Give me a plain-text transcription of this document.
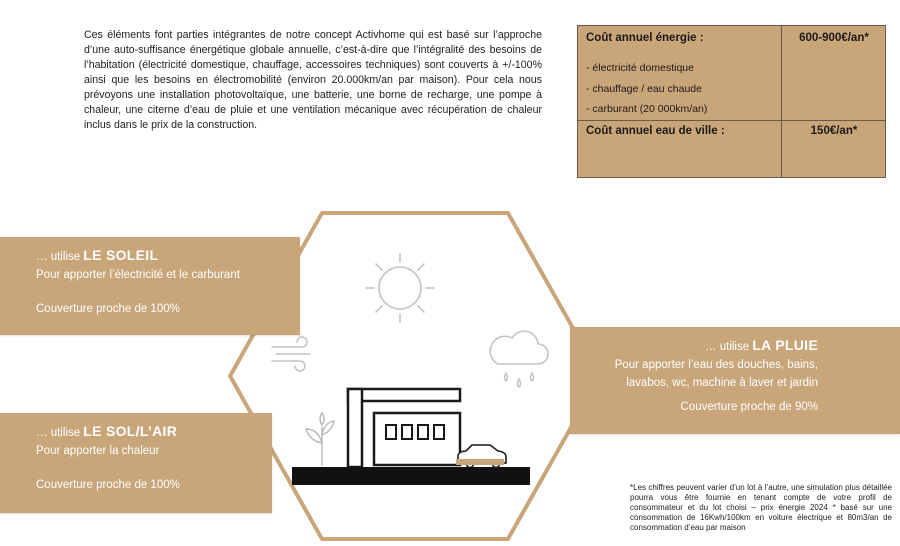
Ces éléments font parties intégrantes de notre concept Activhome qui est basé sur l’approche d’une auto-suffisance énergétique globale annuelle, c’est-à-dire que l’intégralité des besoins de l’habitation (électricité domestique, chauffage, accessoires techniques) sont couverts à +/-100% ainsi que les besoins en électromobilité (environ 20.000km/an par maison). Pour cela nous prévoyons une installation photovoltaïque, une batterie, une borne de recharge, une pompe à chaleur, une citerne d’eau de pluie et une ventilation mécanique avec récupération de chaleur inclus dans le prix de la construction.
Coût annuel énergie :	600-900€/an*
- électricité domestique
- chauffage / eau chaude
- carburant (20 000km/an)
Coût annuel eau de ville :	150€/an*
… utilise LE SOLEIL
Pour apporter l’électricité et le carburant
Couverture proche de 100%
… utilise LA PLUIE
Pour apporter l’eau des douches, bains,
lavabos, wc, machine à laver et jardin
Couverture proche de 90%
… utilise LE SOL/L’AIR
Pour apporter la chaleur
Couverture proche de 100%	*Les chiffres peuvent varier d’un lot à l’autre, une simulation plus détaillée pourra vous être fournie en tenant compte de votre profil de consommateur et du lot choisi – prix énergie 2024 * basé sur une consommation de 16Kwh/100km en voiture électrique et 80m3/an de consommation d’eau par maison
